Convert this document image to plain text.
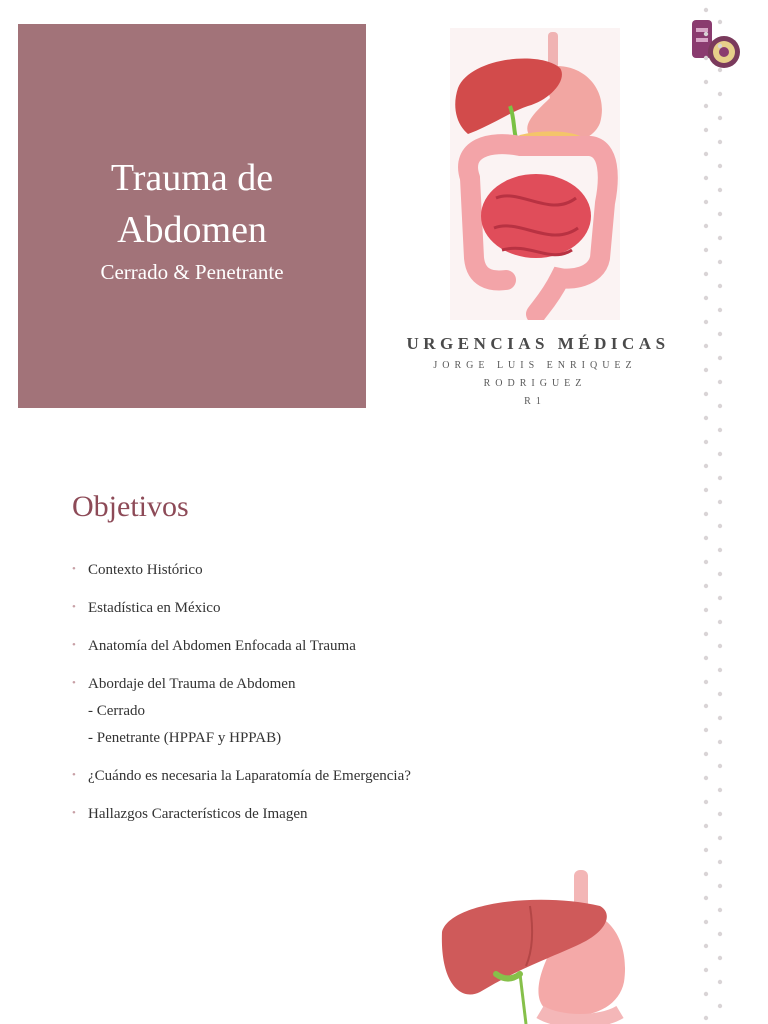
Trauma de
Abdomen
Cerrado & Penetrante
URGENCIAS MÉDICAS
JORGE LUIS ENRIQUEZ
RODRIGUEZ
R1
Objetivos
• Contexto Histórico
• Estadística en México
• Anatomía del Abdomen Enfocada al Trauma
• Abordaje del Trauma de Abdomen
- Cerrado
- Penetrante (HPPAF y HPPAB)
• ¿Cuándo es necesaria la Laparatomía de Emergencia?
• Hallazgos Característicos de Imagen
